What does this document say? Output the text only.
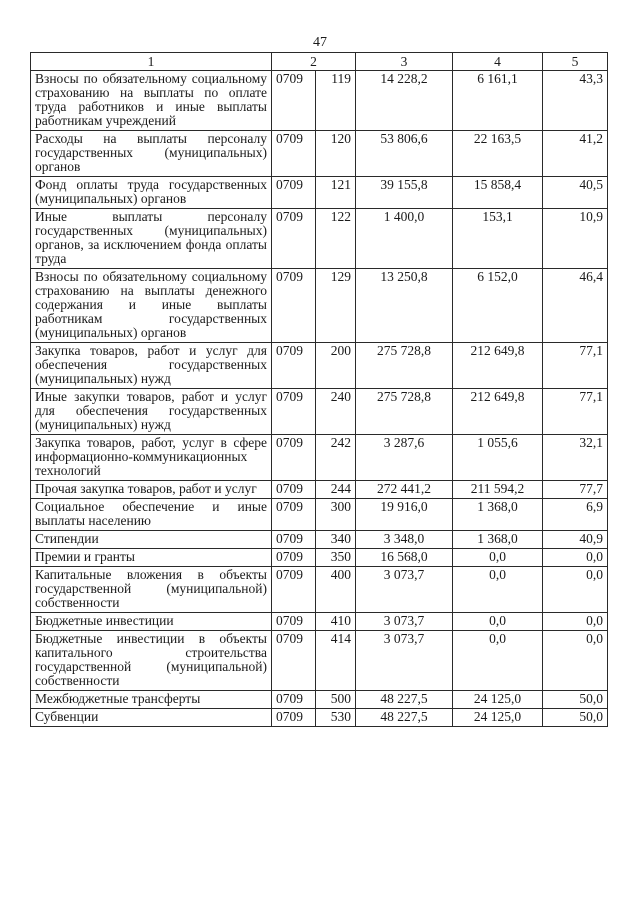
47
1	2		3	4	5
Взносы по обязательному социальному страхованию на выплаты по оплате труда работников и иные выплаты работникам учреждений	0709	119	14 228,2	6 161,1	43,3
Расходы на выплаты персоналу государственных (муниципальных) органов	0709	120	53 806,6	22 163,5	41,2
Фонд оплаты труда государственных (муниципальных) органов	0709	121	39 155,8	15 858,4	40,5
Иные выплаты персоналу государственных (муниципальных) органов, за исключением фонда оплаты труда	0709	122	1 400,0	153,1	10,9
Взносы по обязательному социальному страхованию на выплаты денежного содержания и иные выплаты работникам государственных (муниципальных) органов	0709	129	13 250,8	6 152,0	46,4
Закупка товаров, работ и услуг для обеспечения государственных (муниципальных) нужд	0709	200	275 728,8	212 649,8	77,1
Иные закупки товаров, работ и услуг для обеспечения государственных (муниципальных) нужд	0709	240	275 728,8	212 649,8	77,1
Закупка товаров, работ, услуг в сфере информационно-коммуникационных технологий	0709	242	3 287,6	1 055,6	32,1
Прочая закупка товаров, работ и услуг	0709	244	272 441,2	211 594,2	77,7
Социальное обеспечение и иные выплаты населению	0709	300	19 916,0	1 368,0	6,9
Стипендии	0709	340	3 348,0	1 368,0	40,9
Премии и гранты	0709	350	16 568,0	0,0	0,0
Капитальные вложения в объекты государственной (муниципальной) собственности	0709	400	3 073,7	0,0	0,0
Бюджетные инвестиции	0709	410	3 073,7	0,0	0,0
Бюджетные инвестиции в объекты капитального строительства государственной (муниципальной) собственности	0709	414	3 073,7	0,0	0,0
Межбюджетные трансферты	0709	500	48 227,5	24 125,0	50,0
Субвенции	0709	530	48 227,5	24 125,0	50,0
